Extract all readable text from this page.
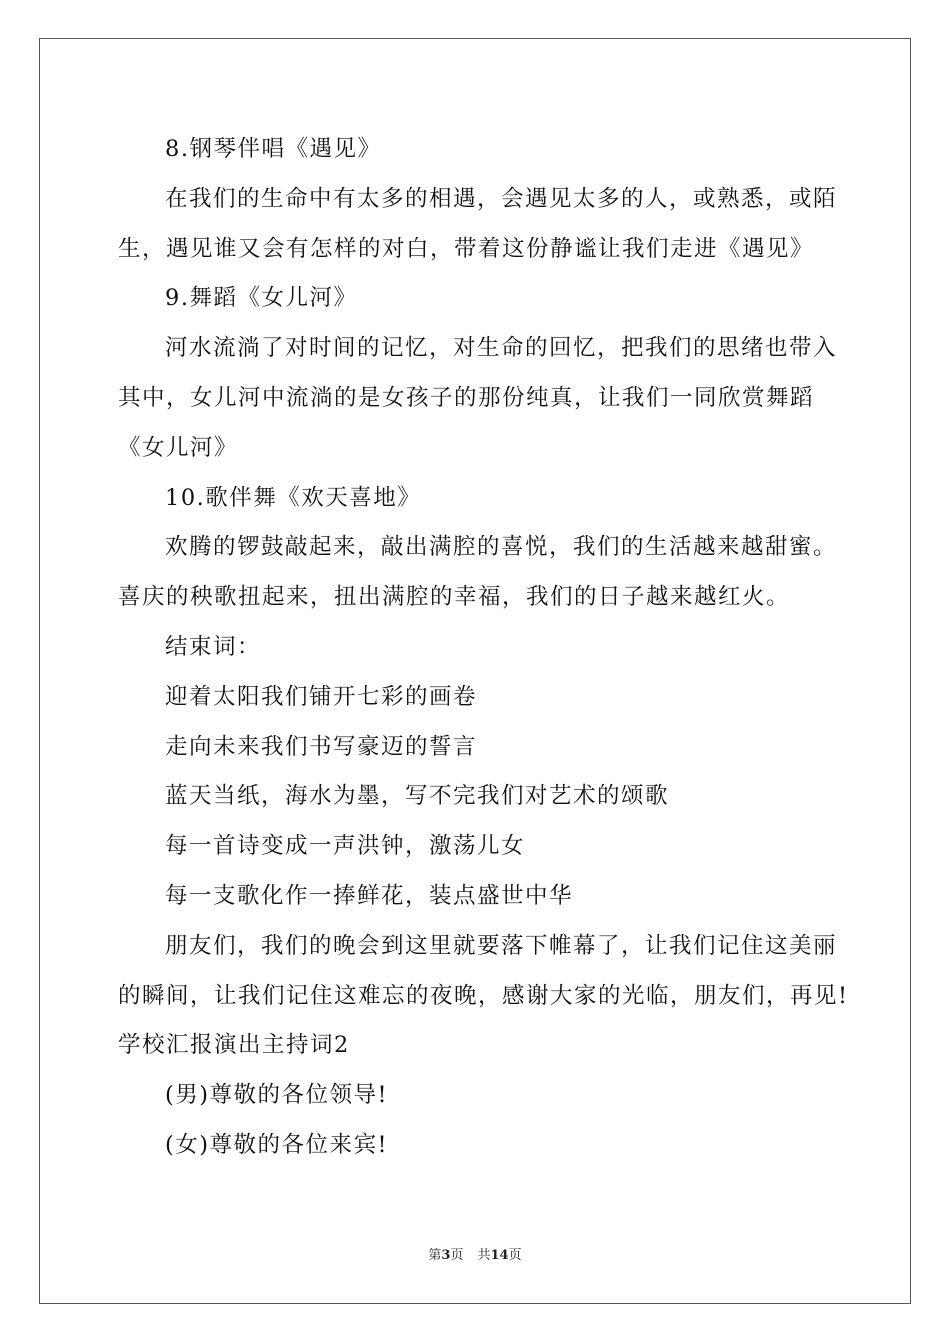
8.钢琴伴唱《遇见》
在我们的生命中有太多的相遇，会遇见太多的人，或熟悉，或陌
生，遇见谁又会有怎样的对白，带着这份静谧让我们走进《遇见》
9.舞蹈《女儿河》
河水流淌了对时间的记忆，对生命的回忆，把我们的思绪也带入
其中，女儿河中流淌的是女孩子的那份纯真，让我们一同欣赏舞蹈
《女儿河》
10.歌伴舞《欢天喜地》
欢腾的锣鼓敲起来，敲出满腔的喜悦，我们的生活越来越甜蜜。
喜庆的秧歌扭起来，扭出满腔的幸福，我们的日子越来越红火。
结束词：
迎着太阳我们铺开七彩的画卷
走向未来我们书写豪迈的誓言
蓝天当纸，海水为墨，写不完我们对艺术的颂歌
每一首诗变成一声洪钟，激荡儿女
每一支歌化作一捧鲜花，装点盛世中华
朋友们，我们的晚会到这里就要落下帷幕了，让我们记住这美丽
的瞬间，让我们记住这难忘的夜晚，感谢大家的光临，朋友们，再见!
学校汇报演出主持词2
(男)尊敬的各位领导!
(女)尊敬的各位来宾!
第3页 共14页
